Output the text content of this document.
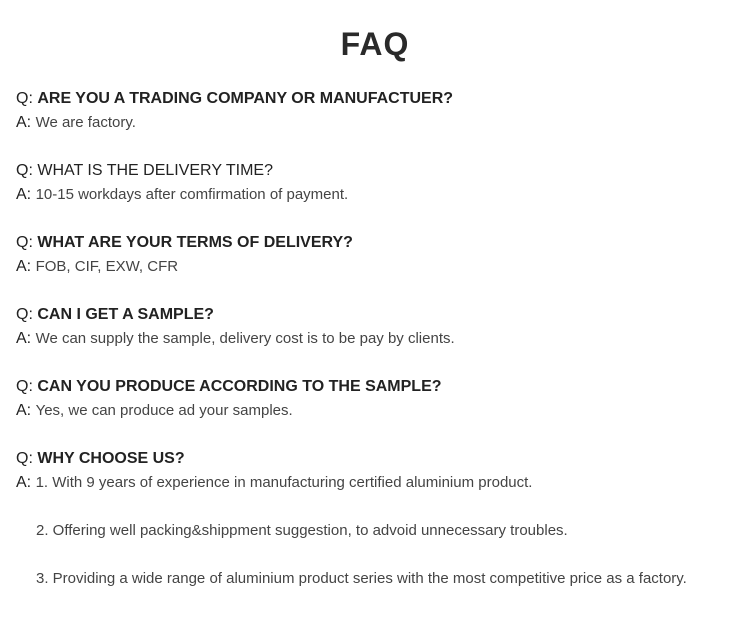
FAQ
Q: ARE YOU A TRADING COMPANY OR MANUFACTUER?
A: We are factory.
Q: WHAT IS THE DELIVERY TIME?
A: 10-15 workdays after comfirmation of payment.
Q: WHAT ARE YOUR TERMS OF DELIVERY?
A: FOB, CIF, EXW, CFR
Q: CAN I GET A SAMPLE?
A: We can supply the sample, delivery cost is to be pay by clients.
Q: CAN YOU PRODUCE ACCORDING TO THE SAMPLE?
A: Yes, we can produce ad your samples.
Q: WHY CHOOSE US?
A: 1. With 9 years of experience in manufacturing certified aluminium product.
2. Offering well packing&shippment suggestion, to advoid unnecessary troubles.
3. Providing a wide range of aluminium product series with the most competitive price as a factory.
